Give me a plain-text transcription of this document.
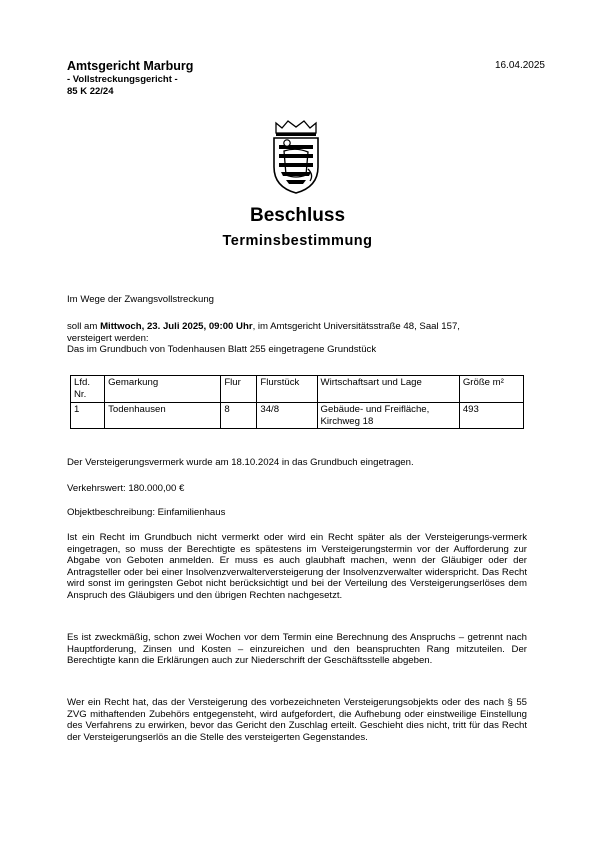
Amtsgericht Marburg
- Vollstreckungsgericht -
85 K 22/24
16.04.2025
Beschluss
Terminsbestimmung
Im Wege der Zwangsvollstreckung
soll am Mittwoch, 23. Juli 2025, 09:00 Uhr, im Amtsgericht Universitätsstraße 48, Saal 157,
versteigert werden:
Das im Grundbuch von Todenhausen Blatt 255 eingetragene Grundstück
Lfd. Nr.	Gemarkung	Flur	Flurstück	Wirtschaftsart und Lage	Größe m²
1	Todenhausen	8	34/8	Gebäude- und Freifläche, Kirchweg 18	493
Der Versteigerungsvermerk wurde am 18.10.2024 in das Grundbuch eingetragen.
Verkehrswert: 180.000,00 €
Objektbeschreibung: Einfamilienhaus
Ist ein Recht im Grundbuch nicht vermerkt oder wird ein Recht später als der Versteigerungs-vermerk eingetragen, so muss der Berechtigte es spätestens im Versteigerungstermin vor der Aufforderung zur Abgabe von Geboten anmelden. Er muss es auch glaubhaft machen, wenn der Gläubiger oder der Antragsteller oder bei einer Insolvenzverwalterversteigerung der Insolvenzverwalter widerspricht. Das Recht wird sonst im geringsten Gebot nicht berücksichtigt und bei der Verteilung des Versteigerungserlöses dem Anspruch des Gläubigers und den übrigen Rechten nachgesetzt.
Es ist zweckmäßig, schon zwei Wochen vor dem Termin eine Berechnung des Anspruchs – getrennt nach Hauptforderung, Zinsen und Kosten – einzureichen und den beanspruchten Rang mitzuteilen. Der Berechtigte kann die Erklärungen auch zur Niederschrift der Geschäftsstelle abgeben.
Wer ein Recht hat, das der Versteigerung des vorbezeichneten Versteigerungsobjekts oder des nach § 55 ZVG mithaftenden Zubehörs entgegensteht, wird aufgefordert, die Aufhebung oder einstweilige Einstellung des Verfahrens zu erwirken, bevor das Gericht den Zuschlag erteilt. Geschieht dies nicht, tritt für das Recht der Versteigerungserlös an die Stelle des versteigerten Gegenstandes.
